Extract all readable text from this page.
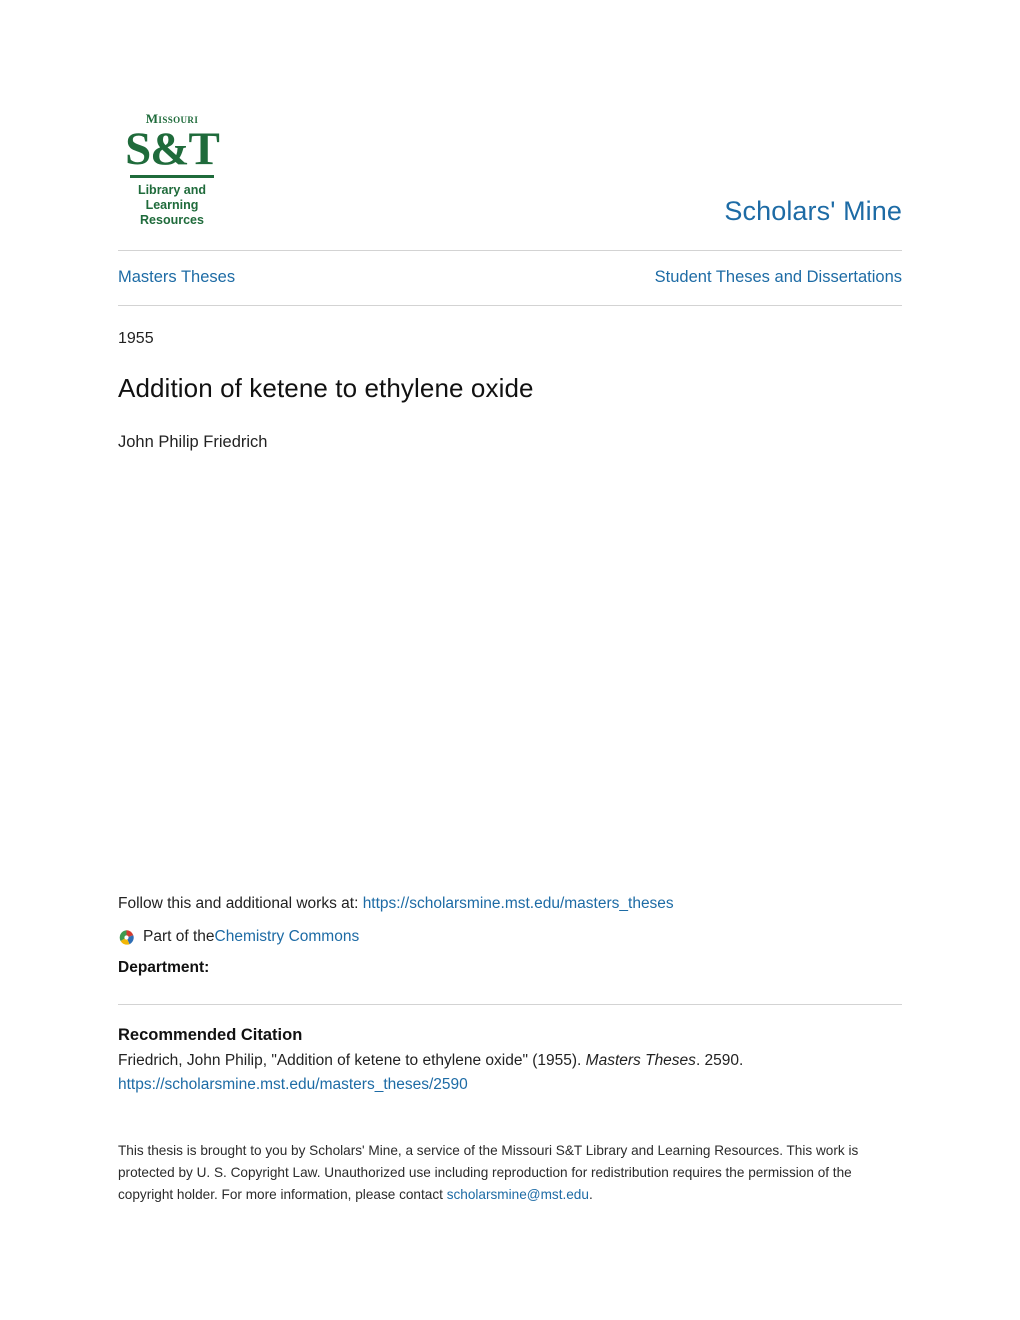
Missouri
S&T
Library and
Learning Resources	Scholars' Mine
Masters Theses	Student Theses and Dissertations
1955
Addition of ketene to ethylene oxide
John Philip Friedrich
Follow this and additional works at: https://scholarsmine.mst.edu/masters_theses
Part of the Chemistry Commons
Department:
Recommended Citation

Friedrich, John Philip, "Addition of ketene to ethylene oxide" (1955). Masters Theses. 2590.

https://scholarsmine.mst.edu/masters_theses/2590
This thesis is brought to you by Scholars' Mine, a service of the Missouri S&T Library and Learning Resources. This work is protected by U. S. Copyright Law. Unauthorized use including reproduction for redistribution requires the permission of the copyright holder. For more information, please contact scholarsmine@mst.edu.
